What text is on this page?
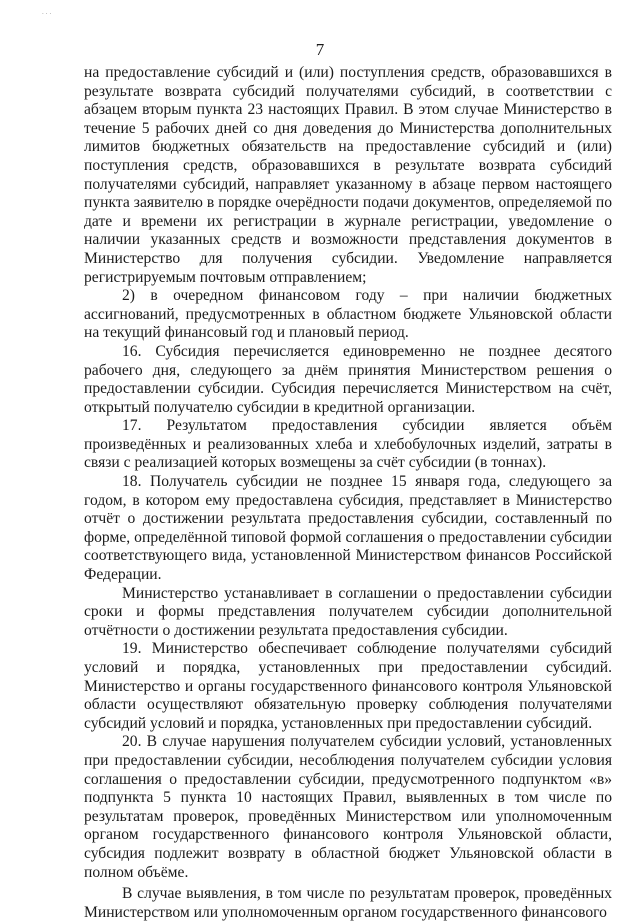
...
7

на предоставление субсидий и (или) поступления средств, образовавшихся в результате возврата субсидий получателями субсидий, в соответствии с абзацем вторым пункта 23 настоящих Правил. В этом случае Министерство в течение 5 рабочих дней со дня доведения до Министерства дополнительных лимитов бюджетных обязательств на предоставление субсидий и (или) поступления средств, образовавшихся в результате возврата субсидий получателями субсидий, направляет указанному в абзаце первом настоящего пункта заявителю в порядке очерёдности подачи документов, определяемой по дате и времени их регистрации в журнале регистрации, уведомление о наличии указанных средств и возможности представления документов в Министерство для получения субсидии. Уведомление направляется регистрируемым почтовым отправлением;

2) в очередном финансовом году – при наличии бюджетных ассигнований, предусмотренных в областном бюджете Ульяновской области на текущий финансовый год и плановый период.

16. Субсидия перечисляется единовременно не позднее десятого рабочего дня, следующего за днём принятия Министерством решения о предоставлении субсидии. Субсидия перечисляется Министерством на счёт, открытый получателю субсидии в кредитной организации.

17. Результатом предоставления субсидии является объём произведённых и реализованных хлеба и хлебобулочных изделий, затраты в связи с реализацией которых возмещены за счёт субсидии (в тоннах).

18. Получатель субсидии не позднее 15 января года, следующего за годом, в котором ему предоставлена субсидия, представляет в Министерство отчёт о достижении результата предоставления субсидии, составленный по форме, определённой типовой формой соглашения о предоставлении субсидии соответствующего вида, установленной Министерством финансов Российской Федерации.

Министерство устанавливает в соглашении о предоставлении субсидии сроки и формы представления получателем субсидии дополнительной отчётности о достижении результата предоставления субсидии.

19. Министерство обеспечивает соблюдение получателями субсидий условий и порядка, установленных при предоставлении субсидий. Министерство и органы государственного финансового контроля Ульяновской области осуществляют обязательную проверку соблюдения получателями субсидий условий и порядка, установленных при предоставлении субсидий.

20. В случае нарушения получателем субсидии условий, установленных при предоставлении субсидии, несоблюдения получателем субсидии условия соглашения о предоставлении субсидии, предусмотренного подпунктом «в» подпункта 5 пункта 10 настоящих Правил, выявленных в том числе по результатам проверок, проведённых Министерством или уполномоченным органом государственного финансового контроля Ульяновской области, субсидия подлежит возврату в областной бюджет Ульяновской области в полном объёме.

В случае выявления, в том числе по результатам проверок, проведённых Министерством или уполномоченным органом государственного финансового
